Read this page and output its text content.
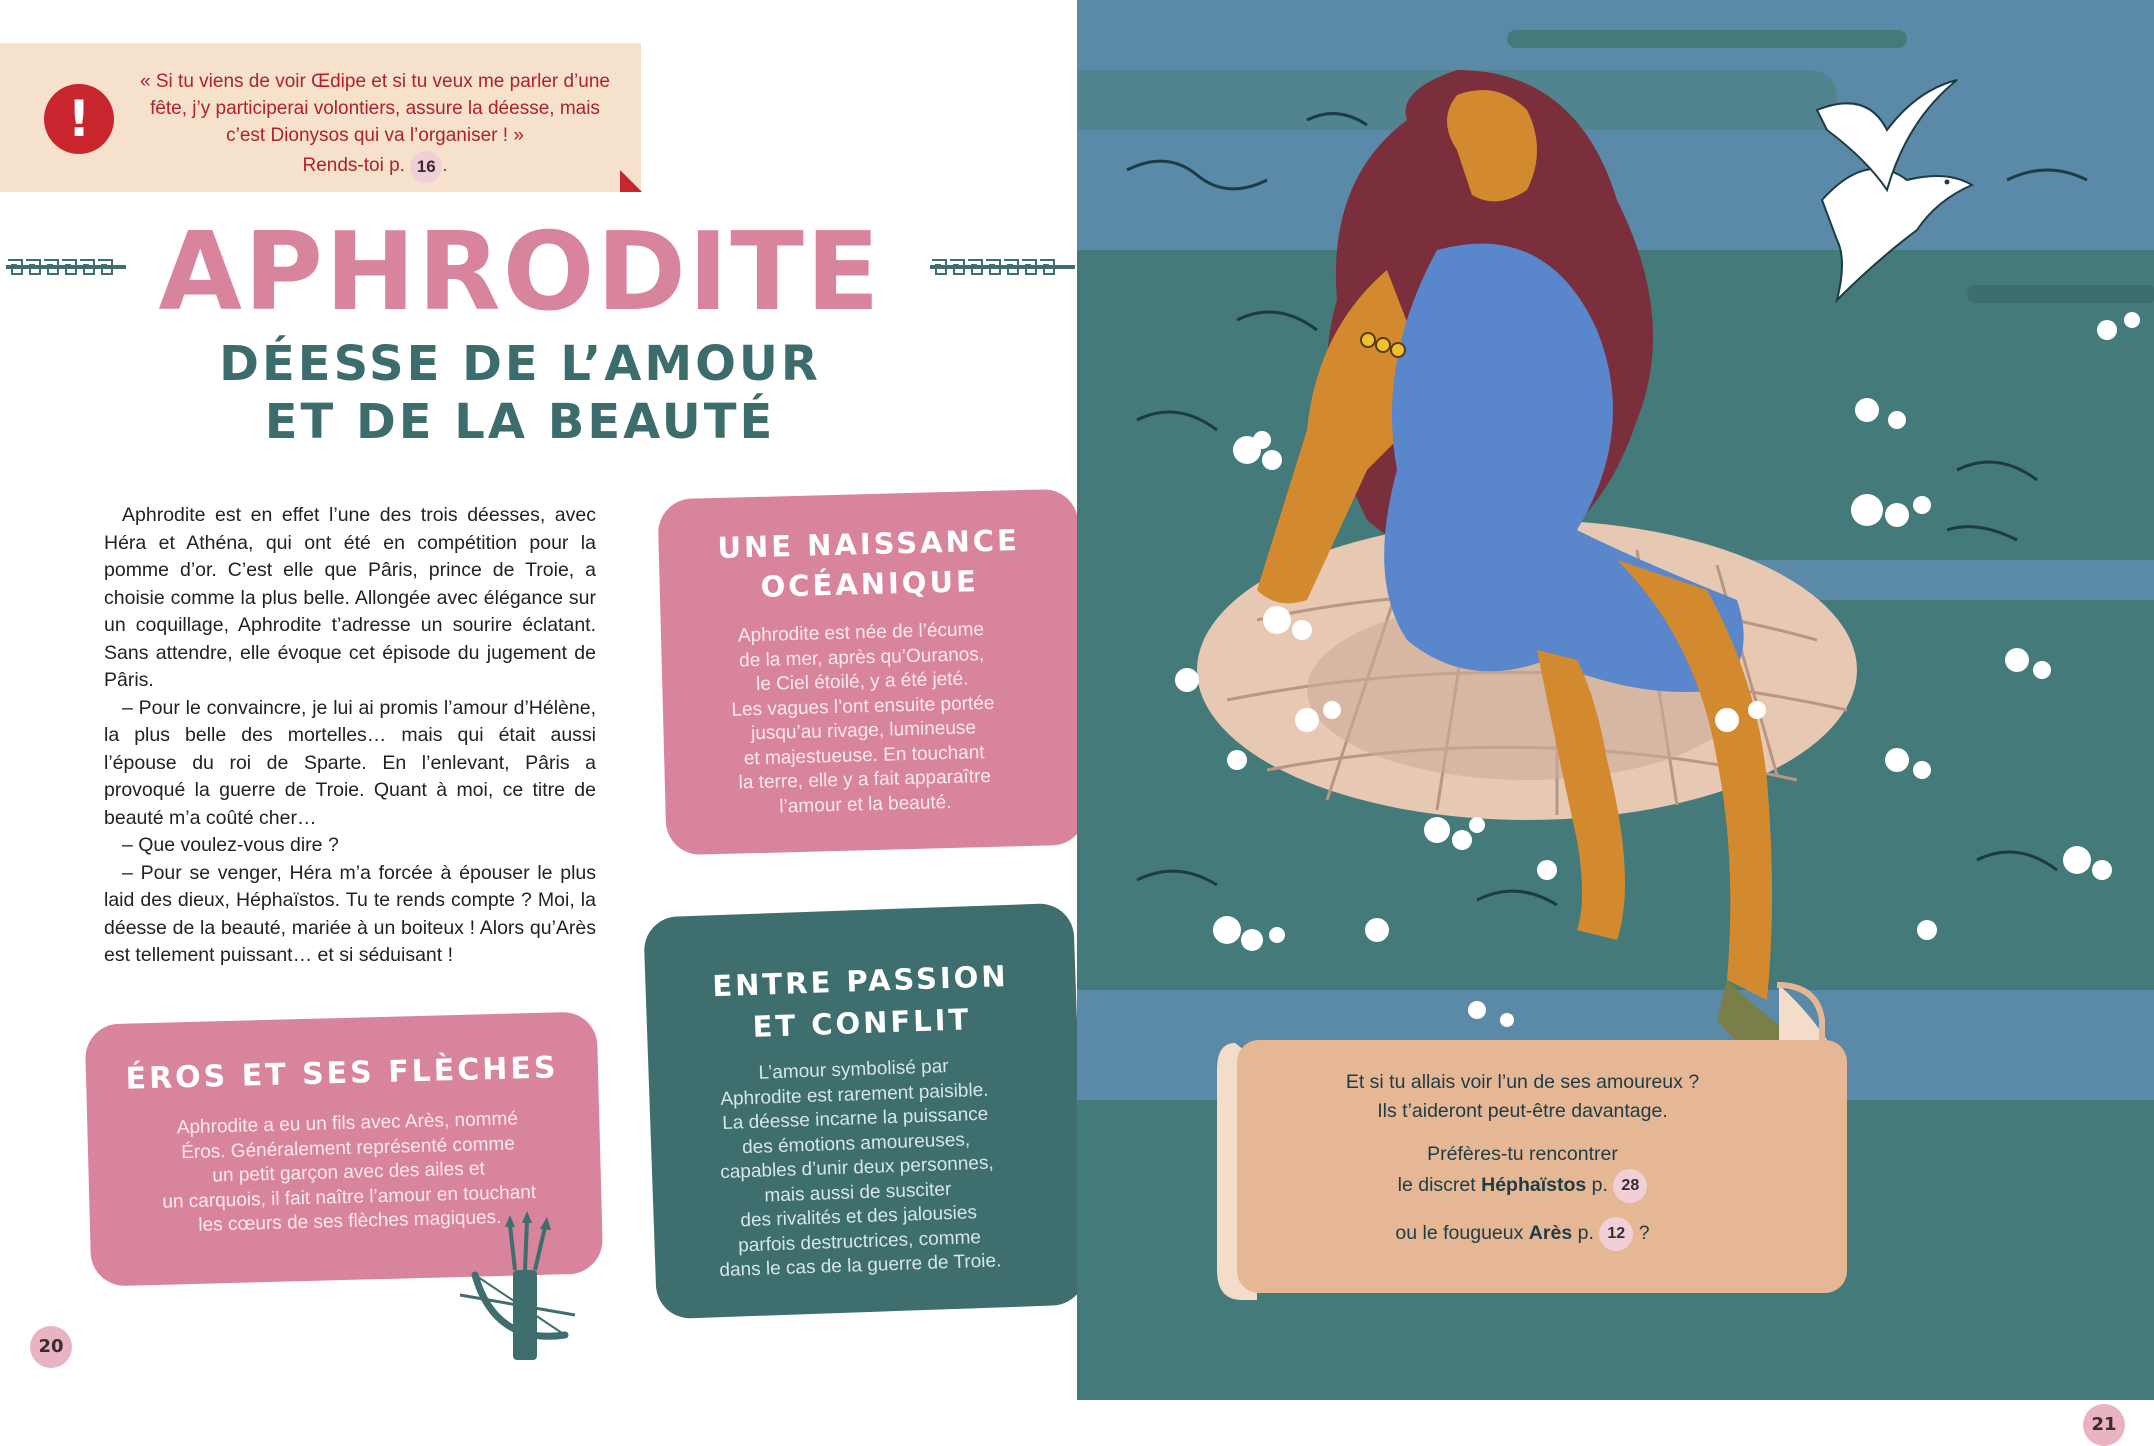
!
« Si tu viens de voir Œdipe et si tu veux me parler d’une fête, j’y participerai volontiers, assure la déesse, mais c’est Dionysos qui va l’organiser ! »
Rends-toi p. 16 .
APHRODITE
DÉESSE DE L’AMOUR
ET DE LA BEAUTÉ

Aphrodite est en effet l’une des trois déesses, avec Héra et Athéna, qui ont été en compétition pour la pomme d’or. C’est elle que Pâris, prince de Troie, a choisie comme la plus belle. Allongée avec élégance sur un coquillage, Aphrodite t’adresse un sourire éclatant. Sans attendre, elle évoque cet épisode du jugement de Pâris.

– Pour le convaincre, je lui ai promis l’amour d’Hélène, la plus belle des mortelles… mais qui était aussi l’épouse du roi de Sparte. En l’enlevant, Pâris a provoqué la guerre de Troie. Quant à moi, ce titre de beauté m’a coûté cher…

– Que voulez-vous dire ?

– Pour se venger, Héra m’a forcée à épouser le plus laid des dieux, Héphaïstos. Tu te rends compte ? Moi, la déesse de la beauté, mariée à un boiteux ! Alors qu’Arès est tellement puissant… et si séduisant !

ÉROS ET SES FLÈCHES
Aphrodite a eu un fils avec Arès, nommé
Éros. Généralement représenté comme
un petit garçon avec des ailes et
un carquois, il fait naître l’amour en touchant
les cœurs de ses flèches magiques.
UNE NAISSANCE
OCÉANIQUE
Aphrodite est née de l’écume
de la mer, après qu’Ouranos,
le Ciel étoilé, y a été jeté.
Les vagues l’ont ensuite portée
jusqu’au rivage, lumineuse
et majestueuse. En touchant
la terre, elle y a fait apparaître
l’amour et la beauté.
ENTRE PASSION
ET CONFLIT
L’amour symbolisé par
Aphrodite est rarement paisible.
La déesse incarne la puissance
des émotions amoureuses,
capables d’unir deux personnes,
mais aussi de susciter
des rivalités et des jalousies
parfois destructrices, comme
dans le cas de la guerre de Troie.
21
Et si tu allais voir l’un de ses amoureux ?
Ils t’aideront peut-être davantage.
Préfères-tu rencontrer
le discret Héphaïstos p. 28
ou le fougueux Arès p. 12 ?
20
